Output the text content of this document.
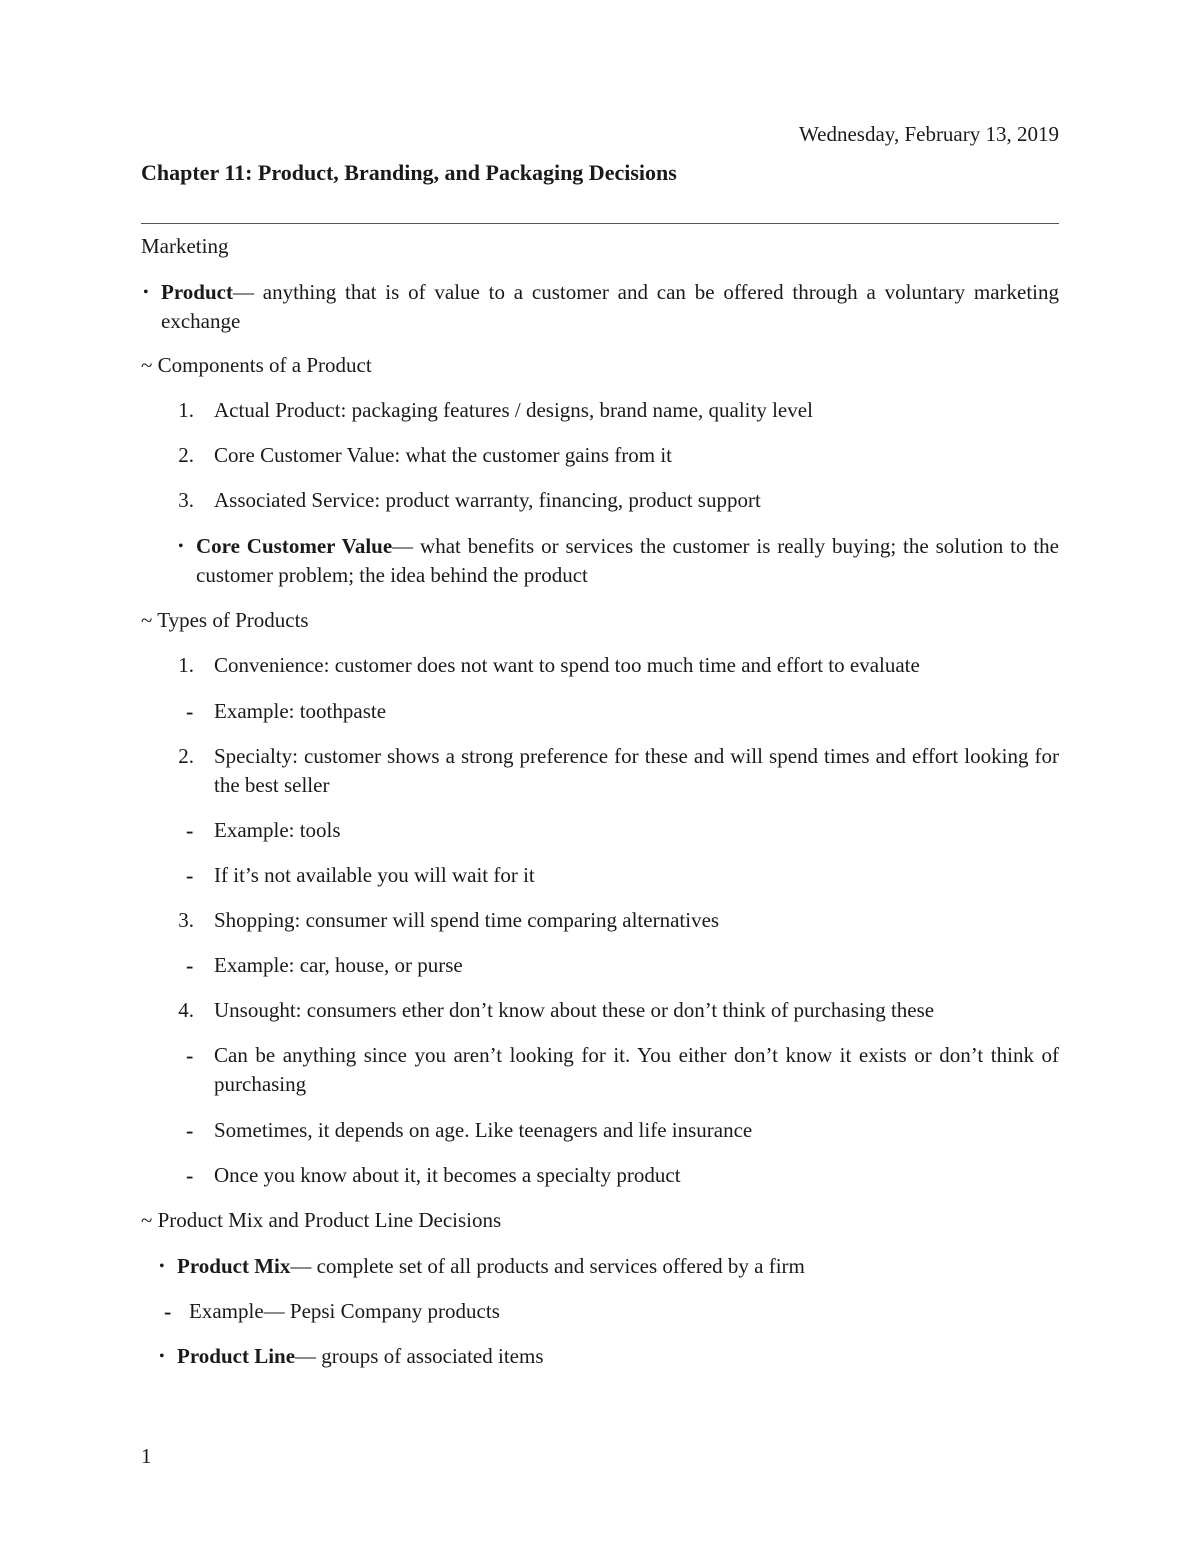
Wednesday, February 13, 2019
Chapter 11: Product, Branding, and Packaging Decisions
Marketing
• Product— anything that is of value to a customer and can be offered through a voluntary marketing exchange
~ Components of a Product
1. Actual Product: packaging features / designs, brand name, quality level
2. Core Customer Value: what the customer gains from it
3. Associated Service: product warranty, financing, product support
• Core Customer Value— what benefits or services the customer is really buying; the solution to the customer problem; the idea behind the product
~ Types of Products
1. Convenience: customer does not want to spend too much time and effort to evaluate
- Example: toothpaste
2. Specialty: customer shows a strong preference for these and will spend times and effort looking for the best seller
- Example: tools
- If it’s not available you will wait for it
3. Shopping: consumer will spend time comparing alternatives
- Example: car, house, or purse
4. Unsought: consumers ether don’t know about these or don’t think of purchasing these
- Can be anything since you aren’t looking for it. You either don’t know it exists or don’t think of purchasing
- Sometimes, it depends on age. Like teenagers and life insurance
- Once you know about it, it becomes a specialty product
~ Product Mix and Product Line Decisions
• Product Mix— complete set of all products and services offered by a firm
- Example— Pepsi Company products
• Product Line— groups of associated items
1
